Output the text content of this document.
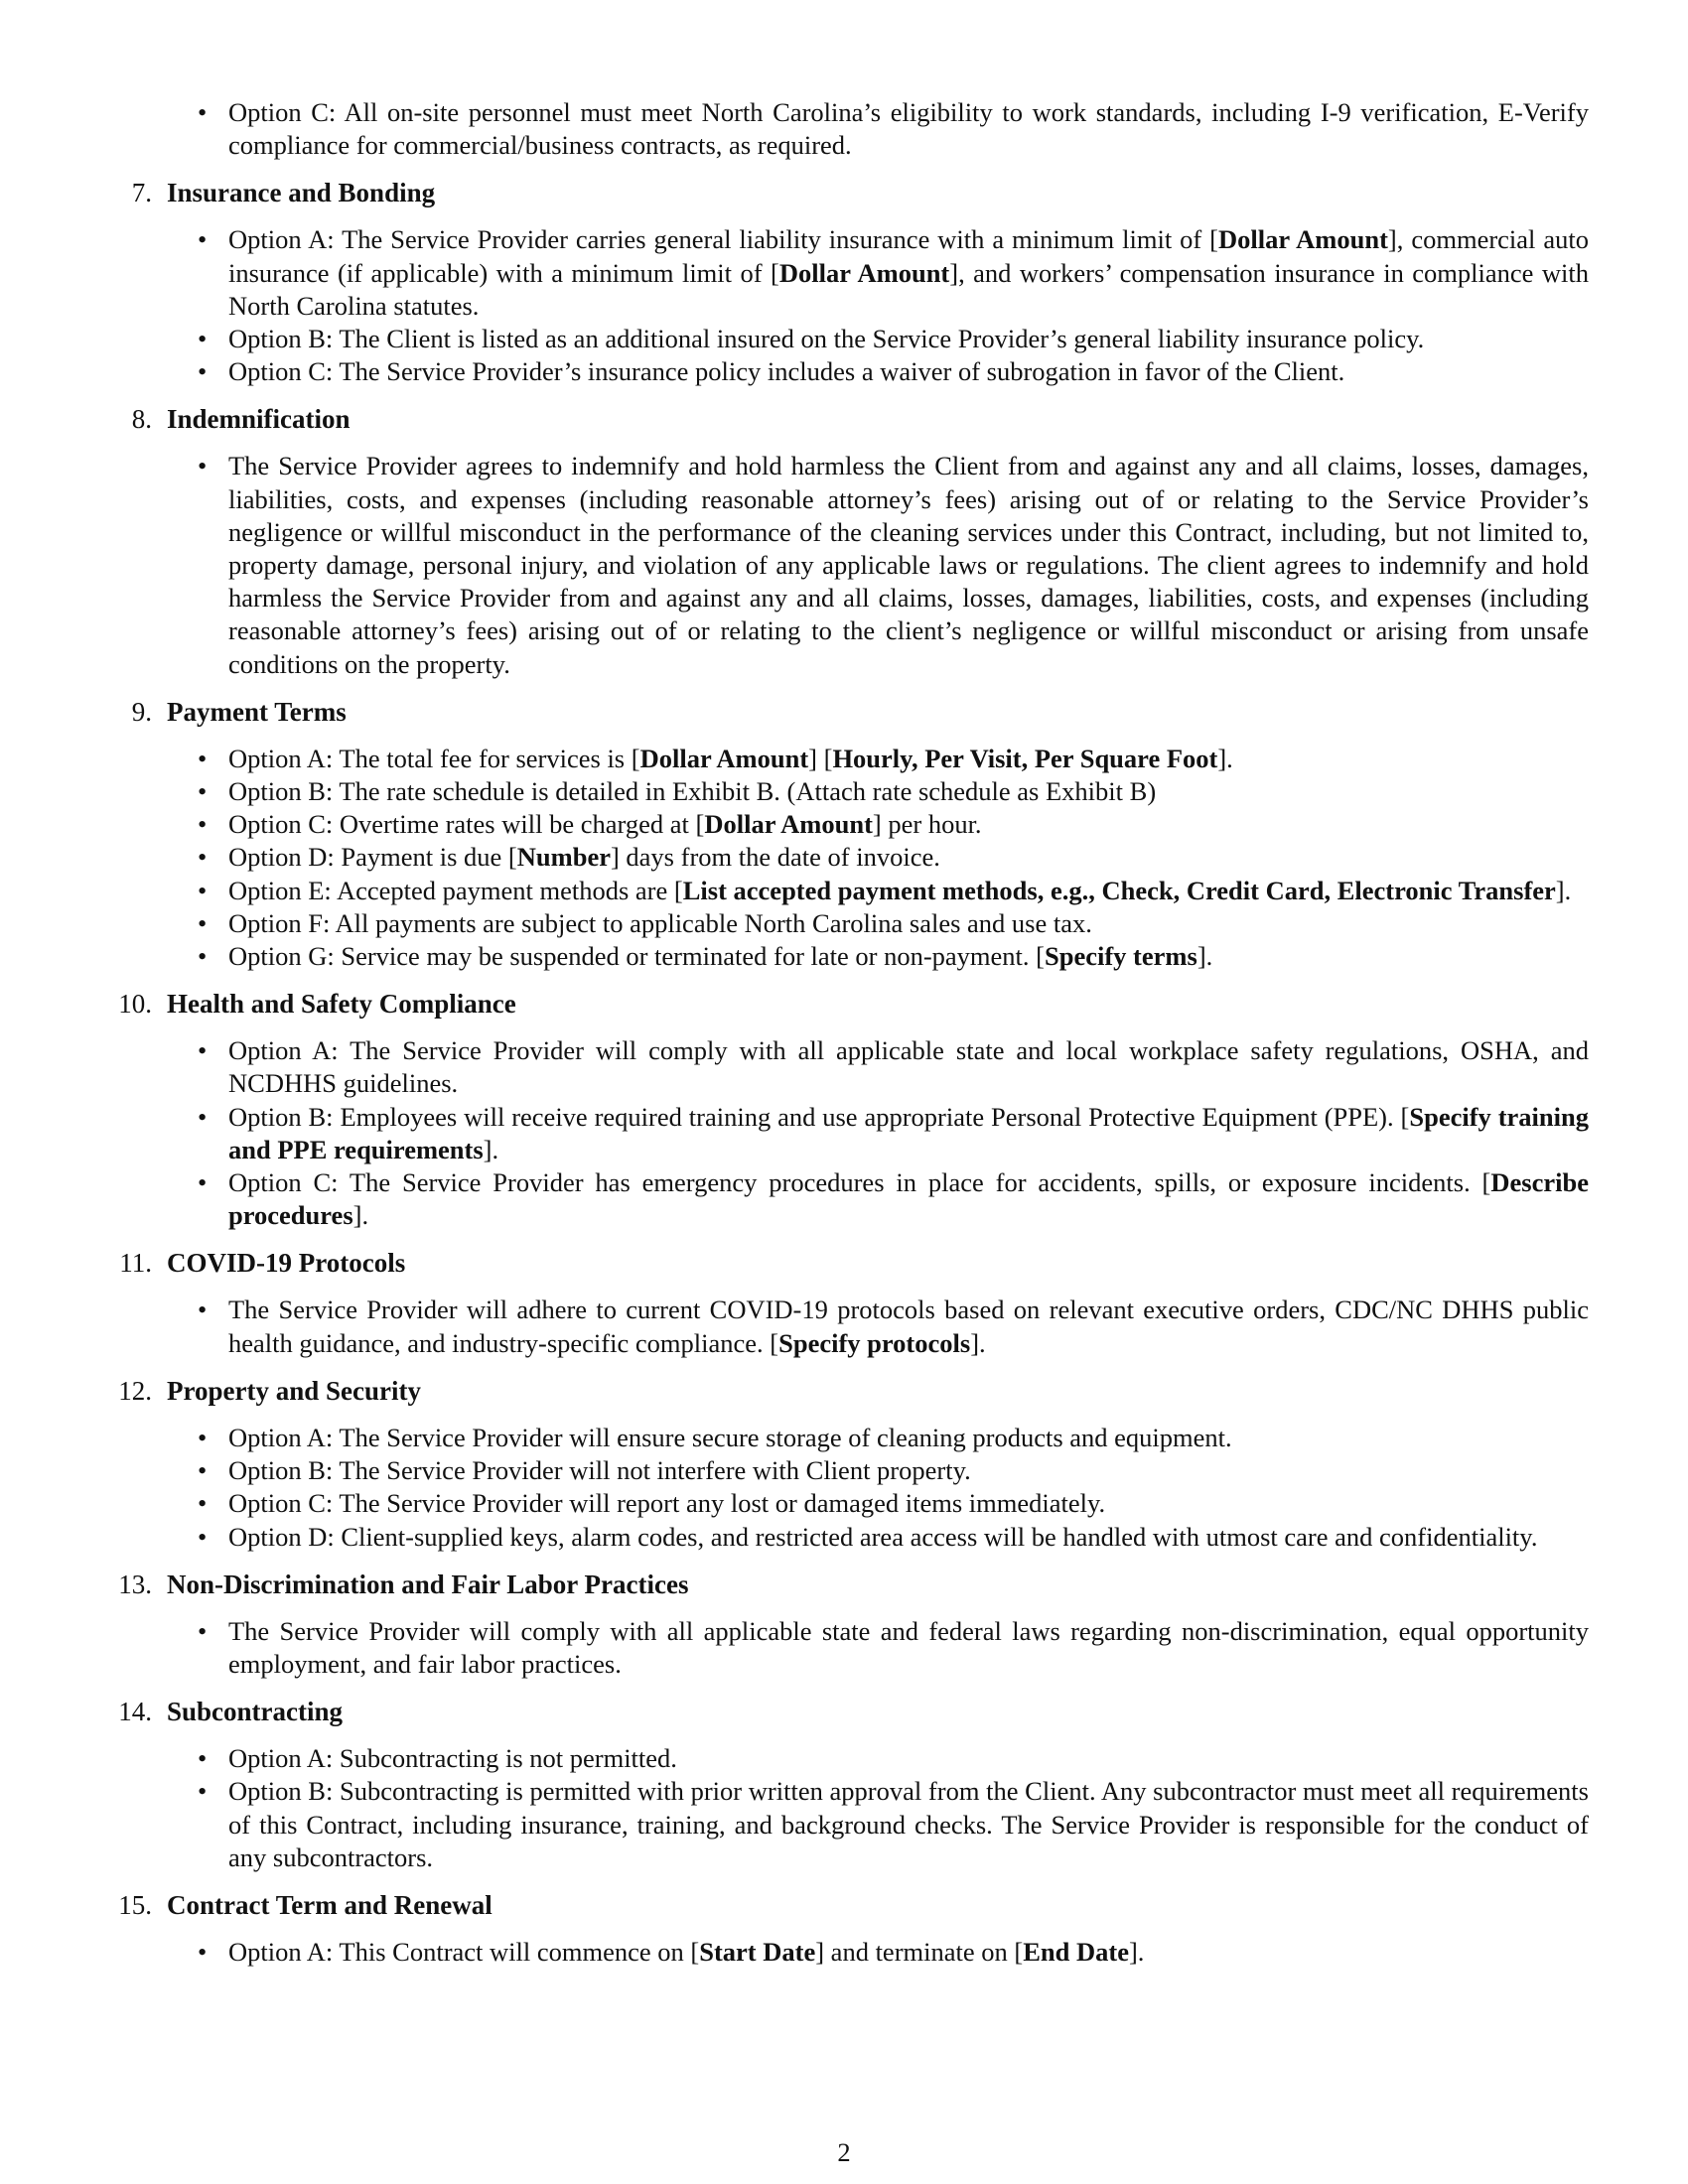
• Option C: All on-site personnel must meet North Carolina’s eligibility to work standards, including I-9 verification, E-Verify compliance for commercial/business contracts, as required.
7. Insurance and Bonding
• Option A: The Service Provider carries general liability insurance with a minimum limit of [Dollar Amount], commercial auto insurance (if applicable) with a minimum limit of [Dollar Amount], and workers’ compensation insurance in compliance with North Carolina statutes.
• Option B: The Client is listed as an additional insured on the Service Provider’s general liability insurance policy.
• Option C: The Service Provider’s insurance policy includes a waiver of subrogation in favor of the Client.
8. Indemnification
• The Service Provider agrees to indemnify and hold harmless the Client from and against any and all claims, losses, damages, liabilities, costs, and expenses (including reasonable attorney’s fees) arising out of or relating to the Service Provider’s negligence or willful misconduct in the performance of the cleaning services under this Contract, including, but not limited to, property damage, personal injury, and violation of any applicable laws or regulations. The client agrees to indemnify and hold harmless the Service Provider from and against any and all claims, losses, damages, liabilities, costs, and expenses (including reasonable attorney’s fees) arising out of or relating to the client’s negligence or willful misconduct or arising from unsafe conditions on the property.
9. Payment Terms
• Option A: The total fee for services is [Dollar Amount] [Hourly, Per Visit, Per Square Foot].
• Option B: The rate schedule is detailed in Exhibit B. (Attach rate schedule as Exhibit B)
• Option C: Overtime rates will be charged at [Dollar Amount] per hour.
• Option D: Payment is due [Number] days from the date of invoice.
• Option E: Accepted payment methods are [List accepted payment methods, e.g., Check, Credit Card, Electronic Transfer].
• Option F: All payments are subject to applicable North Carolina sales and use tax.
• Option G: Service may be suspended or terminated for late or non-payment. [Specify terms].
10. Health and Safety Compliance
• Option A: The Service Provider will comply with all applicable state and local workplace safety regulations, OSHA, and NCDHHS guidelines.
• Option B: Employees will receive required training and use appropriate Personal Protective Equipment (PPE). [Specify training and PPE requirements].
• Option C: The Service Provider has emergency procedures in place for accidents, spills, or exposure incidents. [Describe procedures].
11. COVID-19 Protocols
• The Service Provider will adhere to current COVID-19 protocols based on relevant executive orders, CDC/NC DHHS public health guidance, and industry-specific compliance. [Specify protocols].
12. Property and Security
• Option A: The Service Provider will ensure secure storage of cleaning products and equipment.
• Option B: The Service Provider will not interfere with Client property.
• Option C: The Service Provider will report any lost or damaged items immediately.
• Option D: Client-supplied keys, alarm codes, and restricted area access will be handled with utmost care and confidentiality.
13. Non-Discrimination and Fair Labor Practices
• The Service Provider will comply with all applicable state and federal laws regarding non-discrimination, equal opportunity employment, and fair labor practices.
14. Subcontracting
• Option A: Subcontracting is not permitted.
• Option B: Subcontracting is permitted with prior written approval from the Client. Any subcontractor must meet all requirements of this Contract, including insurance, training, and background checks. The Service Provider is responsible for the conduct of any subcontractors.
15. Contract Term and Renewal
• Option A: This Contract will commence on [Start Date] and terminate on [End Date].
2
